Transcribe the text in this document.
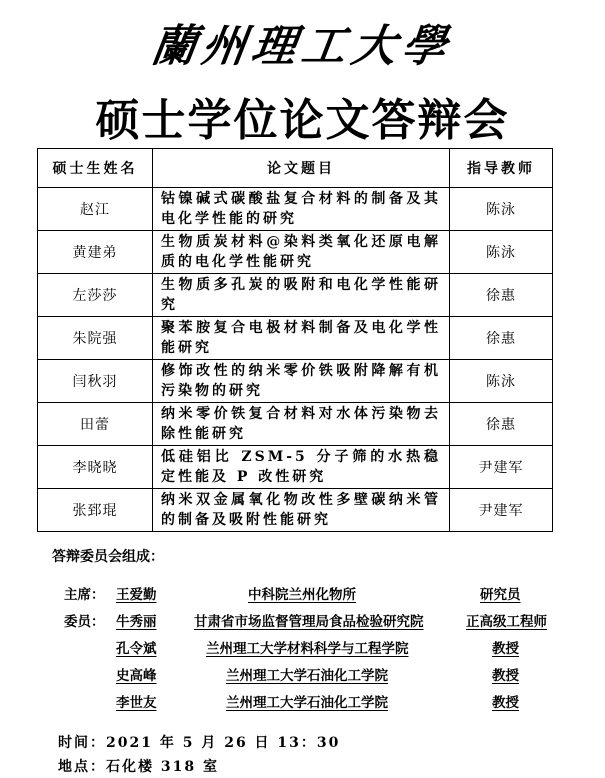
蘭州理工大學
硕士学位论文答辩会
硕士生姓名	论文题目	指导教师
赵江	钴镍碱式碳酸盐复合材料的制备及其电化学性能的研究	陈泳
黄建弟	生物质炭材料@染料类氧化还原电解质的电化学性能研究	陈泳
左莎莎	生物质多孔炭的吸附和电化学性能研究	徐惠
朱院强	聚苯胺复合电极材料制备及电化学性能研究	徐惠
闫秋羽	修饰改性的纳米零价铁吸附降解有机污染物的研究	陈泳
田蕾	纳米零价铁复合材料对水体污染物去除性能研究	徐惠
李晓晓	低硅铝比 ZSM-5 分子筛的水热稳定性能及 P 改性研究	尹建军
张郅琨	纳米双金属氧化物改性多壁碳纳米管的制备及吸附性能研究	尹建军
答辩委员会组成：
主席： 王爱勤	中科院兰州化物所	研究员
委员： 牛秀丽	甘肃省市场监督管理局食品检验研究院	正高级工程师
孔令斌	兰州理工大学材料科学与工程学院	教授
史高峰	兰州理工大学石油化工学院	教授
李世友	兰州理工大学石油化工学院	教授
时间：2021 年 5 月 26 日 13：30
地点：石化楼 318 室
